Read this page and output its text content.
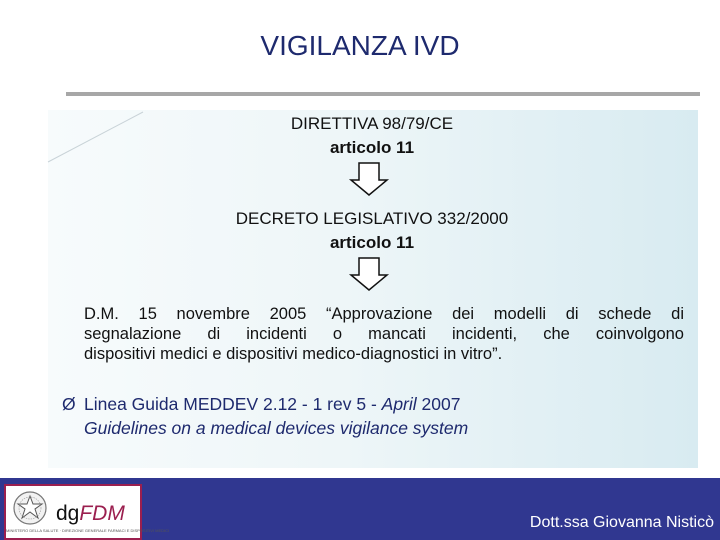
VIGILANZA IVD
DIRETTIVA 98/79/CE
articolo 11
DECRETO LEGISLATIVO 332/2000
articolo 11
D.M. 15 novembre 2005 “Approvazione dei modelli di schede di
segnalazione di incidenti o mancati incidenti, che coinvolgono
dispositivi medici e dispositivi medico-diagnostici in vitro”.
Ø Linea Guida MEDDEV 2.12 - 1 rev 5 - April 2007
Guidelines on a medical devices vigilance system
MINISTERO DELLA SALUTE · DIREZIONE GENERALE FARMACI E DISPOSITIVI MEDICI
dgFDM	Dott.ssa Giovanna Nisticò
